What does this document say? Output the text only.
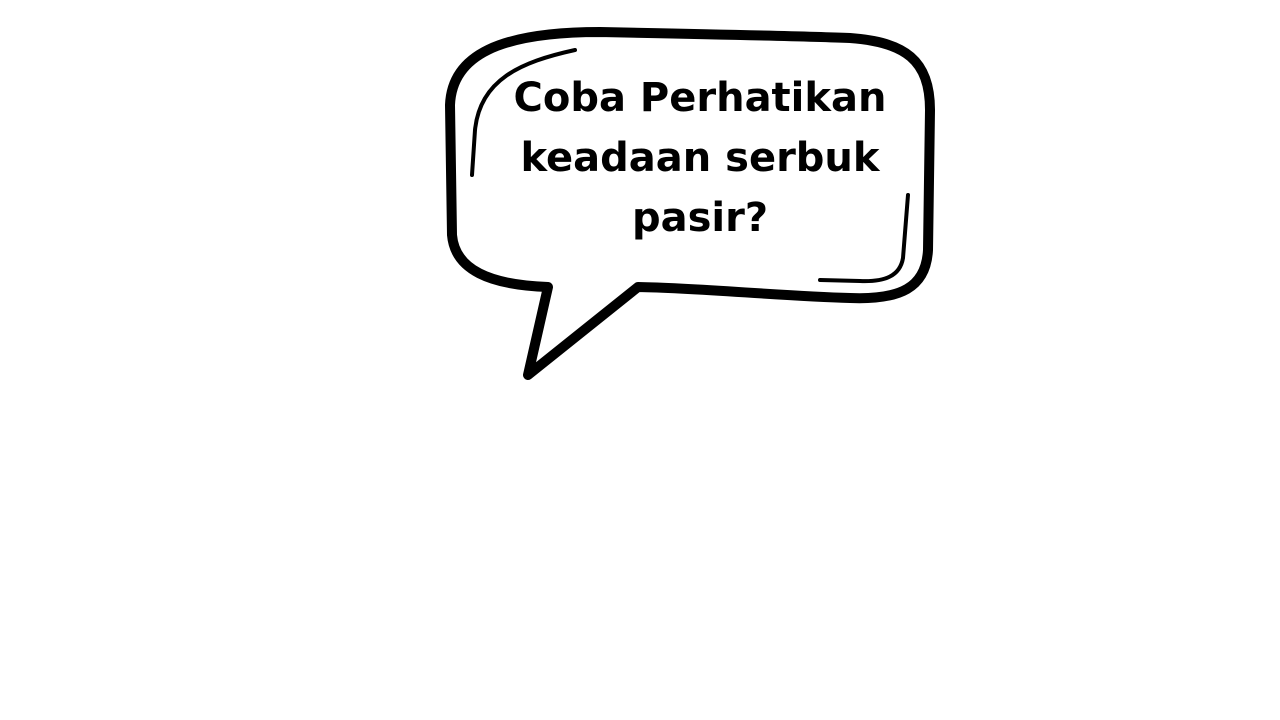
Coba Perhatikan
keadaan serbuk
pasir?
